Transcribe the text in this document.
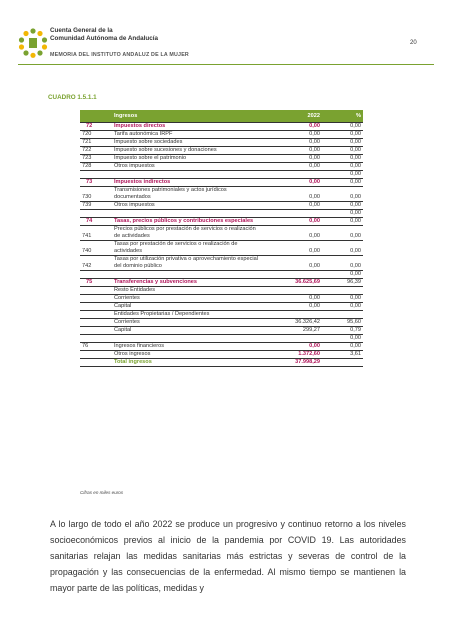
Cuenta General de la
Comunidad Autónoma de Andalucía
20
MEMORIA DEL INSTITUTO ANDALUZ DE LA MUJER
CUADRO 1.5.1.1
	Ingresos	2022	%
72	Impuestos directos	0,00	0,00
720	Tarifa autonómica IRPF	0,00	0,00
721	Impuesto sobre sociedades	0,00	0,00
722	Impuesto sobre sucesiones y donaciones	0,00	0,00
723	Impuesto sobre el patrimonio	0,00	0,00
728	Otros impuestos	0,00	0,00
			0,00
73	Impuestos indirectos	0,00	0,00
730	Transmisiones patrimoniales y actos jurídicos documentados	0,00	0,00
739	Otros impuestos	0,00	0,00
			0,00
74	Tasas, precios públicos y contribuciones especiales	0,00	0,00
741	Precios públicos por prestación de servicios o realización de actividades	0,00	0,00
740	Tasas por prestación de servicios o realización de actividades	0,00	0,00
742	Tasas por utilización privativa o aprovechamiento especial del dominio público	0,00	0,00
			0,00
75	Transferencias y subvenciones	36.625,69	96,39
	Resto Entidades		
	Corrientes	0,00	0,00
	Capital	0,00	0,00
	Entidades Propietarias / Dependientes		
	Corrientes	36.326,42	95,60
	Capital	299,27	0,79
			0,00
76	Ingresos financieros	0,00	0,00
	Otros ingresos	1.372,60	3,61
	Total ingresos	37.998,29	
Cifras en miles euros
A lo largo de todo el año 2022 se produce un progresivo y continuo retorno a los niveles socioeconómicos previos al inicio de la pandemia por COVID 19. Las autoridades sanitarias relajan las medidas sanitarias más estrictas y severas de control de la propagación y las consecuencias de la enfermedad. Al mismo tiempo se mantienen la mayor parte de las políticas, medidas y
